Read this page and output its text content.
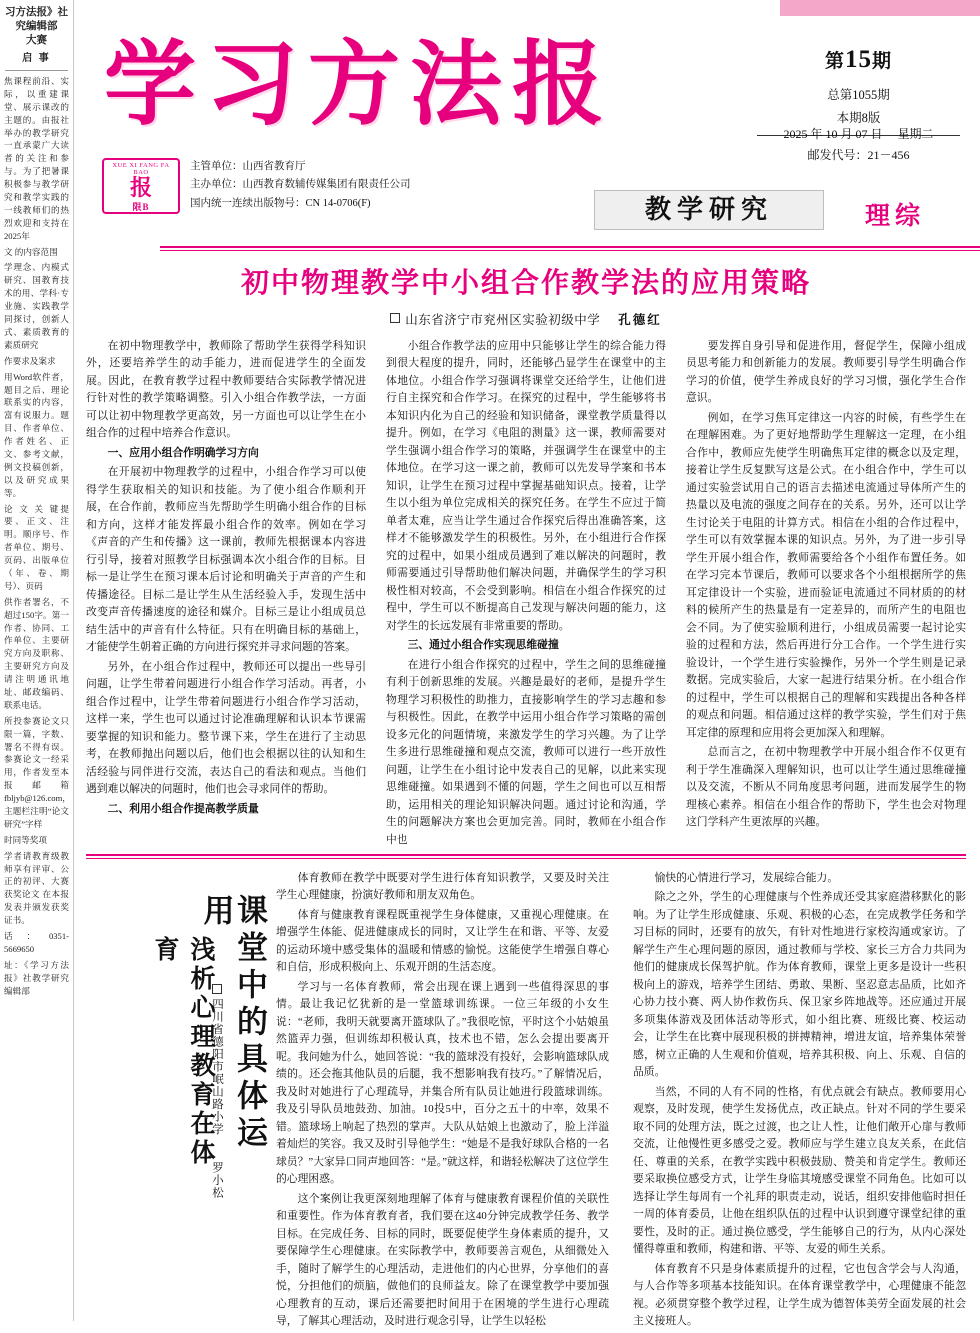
习方法报》社
究编辑部
大赛
启 事

焦课程前沿、实际，以重建课堂、展示课改的主题的。由报社举办的教学研究一直承蒙广大读者的关注和参与。为了把暑课积极参与教学研究和教学实践的一线教师们的热烈欢迎和支持在2025年

文 的内容范围

学理念、内模式研究、国教育技术的用、学科·专业施、实践教学同探讨，创新人式、素质教育的素质研究

作要求及案求

用Word软件者，题目之后、理论联系实的内容，富有说服力。题目、作者单位、作者姓名、正文、参考文献，例文投稿创新，以及研究成果等。

论 文 关 键提要、正文、注明。顺序号、作者单位、期号、页码、出版单位（年、卷、期号）、页码

供作者署名，不超过150字。第一作者、协同、工作单位、主要研究方向及职称、主要研究方向及请注明通讯地址、邮政编码、联系电话。

所投参赛论文只限一篇，字数、署名不得有误。参赛论文一经采用，作者发至本报邮箱 fbljyb@126.com，主题栏注明“论文研究”字样

时同等奖项

学者请教育级教师享有评审、公正的初评、大赛获奖论文 在本报发表并颁发获奖证书。

话：0351-5669650

址：《学习方法报》社教学研究编辑部

学习方法报	第15期
总第1055期
本期8版
2025 年 10 月 07 日 星期二
邮发代号：21－456
XUE XI FANG FA BAO
报
限B
主管单位：山西省教育厅
主办单位：山西教育数辅传媒集团有限责任公司
国内统一连续出版物号：CN 14-0706(F)	教学研究	理综
初中物理教学中小组合作教学法的应用策略
山东省济宁市兖州区实验初级中学 孔德红

在初中物理教学中，教师除了帮助学生获得学科知识外，还要培养学生的动手能力，进而促进学生的全面发展。因此，在教育教学过程中教师要结合实际教学情况进行针对性的教学策略调整。引入小组合作教学法，一方面可以让初中物理教学更高效，另一方面也可以让学生在小组合作的过程中培养合作意识。

一、应用小组合作明确学习方向

在开展初中物理教学的过程中，小组合作学习可以使得学生获取相关的知识和技能。为了使小组合作顺利开展，在合作前，教师应当先帮助学生明确小组合作的目标和方向，这样才能发挥最小组合作的效率。例如在学习《声音的产生和传播》这一课前，教师先根据课本内容进行引导，接着对照教学目标强调本次小组合作的目标。目标一是让学生在预习课本后讨论和明确关于声音的产生和传播途径。目标二是让学生从生活经验入手，发现生活中改变声音传播速度的途径和媒介。目标三是让小组成员总结生活中的声音有什么特征。只有在明确目标的基础上，才能使学生朝着正确的方向进行探究并寻求问题的答案。

另外，在小组合作过程中，教师还可以提出一些导引问题，让学生带着问题进行小组合作学习活动。再者，小组合作过程中，让学生带着问题进行小组合作学习活动，这样一来，学生也可以通过讨论准确理解和认识本节课需要掌握的知识和能力。整节课下来，学生在进行了主动思考，在教师抛出问题以后，他们也会根据以往的认知和生活经验与同伴进行交流，表达自己的看法和观点。当他们遇到难以解决的问题时，他们也会寻求同伴的帮助。

二、利用小组合作提高教学质量

小组合作教学法的应用中只能够让学生的综合能力得到很大程度的提升，同时，还能够凸显学生在课堂中的主体地位。小组合作学习强调将课堂交还给学生，让他们进行自主探究和合作学习。在探究的过程中，学生能够将书本知识内化为自己的经验和知识储备，课堂教学质量得以提升。例如，在学习《电阻的测量》这一课，教师需要对学生强调小组合作学习的策略，并强调学生在课堂中的主体地位。在学习这一课之前，教师可以先发导学案和书本知识，让学生在预习过程中掌握基础知识点。接着，让学生以小组为单位完成相关的探究任务。在学生不应过于简单者太难，应当让学生通过合作探究后得出准确答案，这样才不能够激发学生的积极性。另外，在小组进行合作探究的过程中，如果小组成员遇到了难以解决的问题时，教师需要通过引导帮助他们解决问题，并确保学生的学习积极性相对较高，不会受到影响。相信在小组合作探究的过程中，学生可以不断提高自己发现与解决问题的能力，这对学生的长远发展有非常重要的帮助。

三、通过小组合作实现思维碰撞

在进行小组合作探究的过程中，学生之间的思维碰撞有利于创新思维的发展。兴趣是最好的老师，是提升学生物理学习积极性的助推力，直接影响学生的学习志趣和参与积极性。因此，在教学中运用小组合作学习策略的需创设多元化的问题情境，来激发学生的学习兴趣。为了让学生多进行思维碰撞和观点交流，教师可以进行一些开放性问题，让学生在小组讨论中发表自己的见解，以此来实现思维碰撞。如果遇到不懂的问题，学生之间也可以互相帮助，运用相关的理论知识解决问题。通过讨论和沟通，学生的问题解决方案也会更加完善。同时，教师在小组合作中也

要发挥自身引导和促进作用，督促学生，保障小组成员思考能力和创新能力的发展。教师要引导学生明确合作学习的价值，使学生养成良好的学习习惯，强化学生合作意识。

例如，在学习焦耳定律这一内容的时候，有些学生在在理解困难。为了更好地帮助学生理解这一定理，在小组合作中，教师应先使学生明确焦耳定律的概念以及定理，接着让学生反复默写这是公式。在小组合作中，学生可以通过实验尝试用自己的语言去描述电流通过导体所产生的热量以及电流的强度之间存在的关系。另外，还可以让学生讨论关于电阻的计算方式。相信在小组的合作过程中，学生可以有效掌握本课的知识点。另外，为了进一步引导学生开展小组合作，教师需要给各个小组作布置任务。如在学习完本节课后，教师可以要求各个小组根据所学的焦耳定律设计一个实验，进而验证电流通过不同材质的的材料的候所产生的热量是有一定差异的，而所产生的电阻也会不同。为了使实验顺利进行，小组成员需要一起讨论实验的过程和方法，然后再进行分工合作。一个学生进行实验设计，一个学生进行实验操作，另外一个学生则是记录数据。完成实验后，大家一起进行结果分析。在小组合作的过程中，学生可以根据自己的理解和实践提出各种各样的观点和问题。相信通过这样的教学实验，学生们对于焦耳定律的原理和应用将会更加深入和理解。

总而言之，在初中物理教学中开展小组合作不仅更有利于学生准确深入理解知识，也可以让学生通过思维碰撞以及交流，不断从不同角度思考问题，进而发展学生的物理核心素养。相信在小组合作的帮助下，学生也会对物理这门学科产生更浓厚的兴趣。

浅析心理教育在体育	课堂中的具体运用
四川省德阳市岷山路小学  罗小松

体育教师在教学中既要对学生进行体育知识教学，又要及时关注学生心理健康，扮演好教师和朋友双角色。

体育与健康教育课程既重视学生身体健康，又重视心理健康。在增强学生体能、促进健康成长的同时，又让学生在和谐、平等、友爱的运动环境中感受集体的温暖和情感的愉悦。这能使学生增强自尊心和自信，形成积极向上、乐观开朗的生活态度。

学习与一名体育教师，常会出现在课上遇到一些值得深思的事情。最让我记忆犹新的是一堂篮球训练课。一位三年级的小女生说：“老师，我明天就要离开篮球队了。”我很吃惊，平时这个小姑娘虽然篮弄力强，但训练却积极认真，技术也不错，怎么会提出要离开呢。我问她为什么，她回答说：“我的篮球没有投好，会影响篮球队成绩的。还会拖其他队员的后腿，我不想影响我有技巧。”了解情况后，我及时对她进行了心理疏导，并集合所有队员让她进行段篮球训练。我及引导队员地鼓劲、加油。10投5中，百分之五十的中率，效果不错。篮球场上响起了热烈的掌声。大队从姑娘上也激动了，脸上洋溢着灿烂的笑容。我又及时引导他学生：“她是不是我好球队合格的一名球员？”大家异口同声地回答：“是。”就这样，和谐轻松解决了这位学生的心理困惑。

这个案例让我更深刻地理解了体育与健康教育课程价值的关联性和重要性。作为体育教育者，我们要在这40分钟完成教学任务、教学目标。在完成任务、目标的同时，既要促使学生身体素质的提升，又要保障学生心理健康。在实际教学中，教师要善言观色，从细微处入手，随时了解学生的心理活动，走进他们的内心世界，分享他们的喜悦，分担他们的烦脑，做他们的良师益友。除了在课堂教学中要加强心理教育的互动，课后还需要把时间用于在困境的学生进行心理疏导，了解其心理活动，及时进行观念引导，让学生以轻松

愉快的心情进行学习，发展综合能力。

除之之外，学生的心理健康与个性养成还受其家庭潜移默化的影响。为了让学生形成健康、乐观、积极的心态，在完成教学任务和学习目标的同时，还要有的放矢，有针对性地进行家校沟通或家访。了解学生产生心理问题的原因，通过教师与学校、家长三方合力共同为他们的健康成长保驾护航。作为体育教师，课堂上更多是设计一些积极向上的游戏，培养学生团结、勇敢、果断、坚忍意志品质，比如齐心协力技小赛、两人协作救伤兵、保卫家乡阵地战等。还应通过开展多项集体游戏及团体活动等形式，如小组比赛、班级比赛、校运动会，让学生在比赛中展现积极的拼搏精神，增进友谊，培养集体荣誉感，树立正确的人生观和价值观，培养其积极、向上、乐观、自信的品质。

当然，不同的人有不同的性格，有优点就会有缺点。教师要用心观察，及时发现，使学生发扬优点，改正缺点。针对不同的学生要采取不同的处理方法，既之过渡，也之让人性，让他们敞开心扉与教师交流，让他慢性更多感受之爱。教师应与学生建立良友关系，在此信任、尊重的关系，在教学实践中积极鼓励、赞美和肯定学生。教师还要采取换位感受方式，让学生身临其境感受课堂不同角色。比如可以选择让学生每周有一个礼拜的职责走动，说话，组织安排他临时担任一周的体育委员，让他在组织队伍的过程中认识到遵守课堂纪律的重要性，及时的正。通过换位感受，学生能够自己的行为，从内心深处懂得尊重和教师，构建和谐、平等、友爱的师生关系。

体育教育不只是身体素质提升的过程，它也包含学会与人沟通，与人合作等多项基本技能知识。在体育课堂教学中，心理健康不能忽视。必须贯穿整个教学过程，让学生成为德智体美劳全面发展的社会主义接班人。
